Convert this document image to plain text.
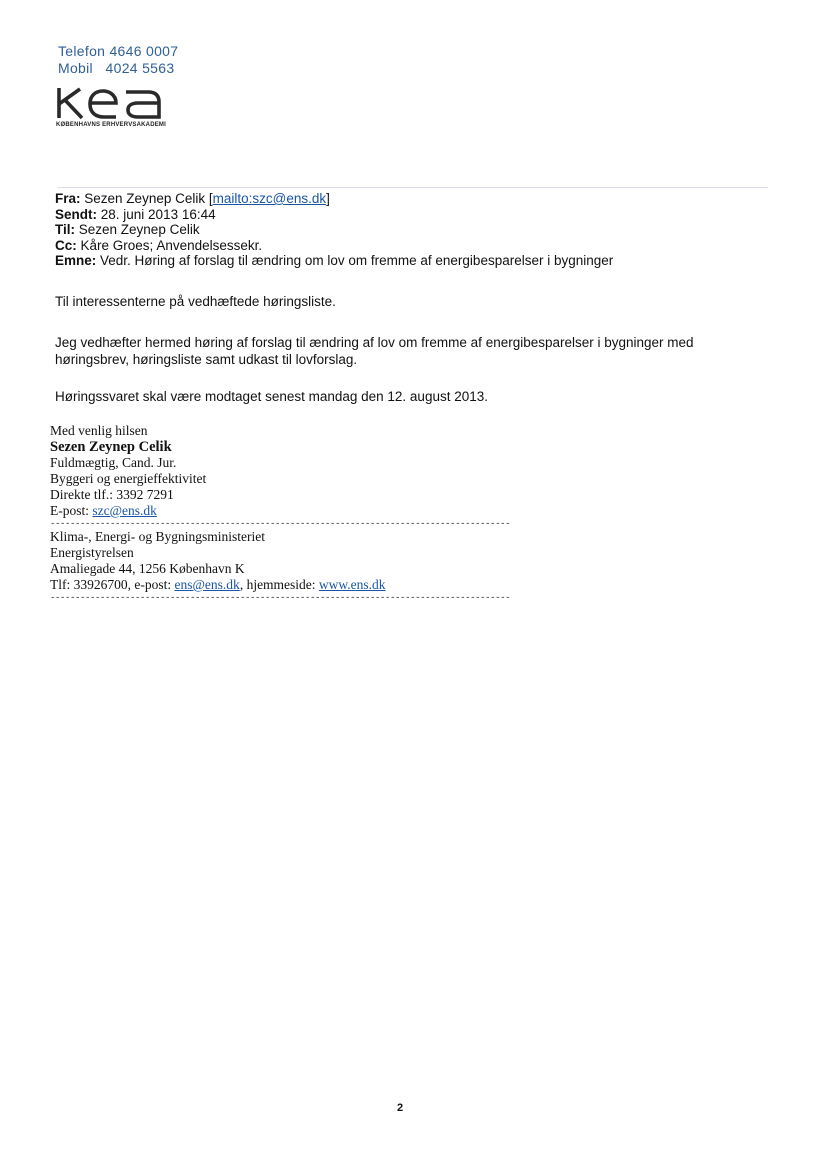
Telefon 4646 0007
Mobil 4024 5563
KØBENHAVNS ERHVERVSAKADEMI
Fra: Sezen Zeynep Celik [mailto:szc@ens.dk]
Sendt: 28. juni 2013 16:44
Til: Sezen Zeynep Celik
Cc: Kåre Groes; Anvendelsessekr.
Emne: Vedr. Høring af forslag til ændring om lov om fremme af energibesparelser i bygninger
Til interessenterne på vedhæftede høringsliste.
Jeg vedhæfter hermed høring af forslag til ændring af lov om fremme af energibesparelser i bygninger med høringsbrev, høringsliste samt udkast til lovforslag.
Høringssvaret skal være modtaget senest mandag den 12. august 2013.
Med venlig hilsen
Sezen Zeynep Celik
Fuldmægtig, Cand. Jur.
Byggeri og energieffektivitet
Direkte tlf.: 3392 7291
E-post: szc@ens.dk
--------------------------------------------------------------------------------------------
Klima-, Energi- og Bygningsministeriet
Energistyrelsen
Amaliegade 44, 1256 København K
Tlf: 33926700, e-post: ens@ens.dk, hjemmeside: www.ens.dk
--------------------------------------------------------------------------------------------
2
